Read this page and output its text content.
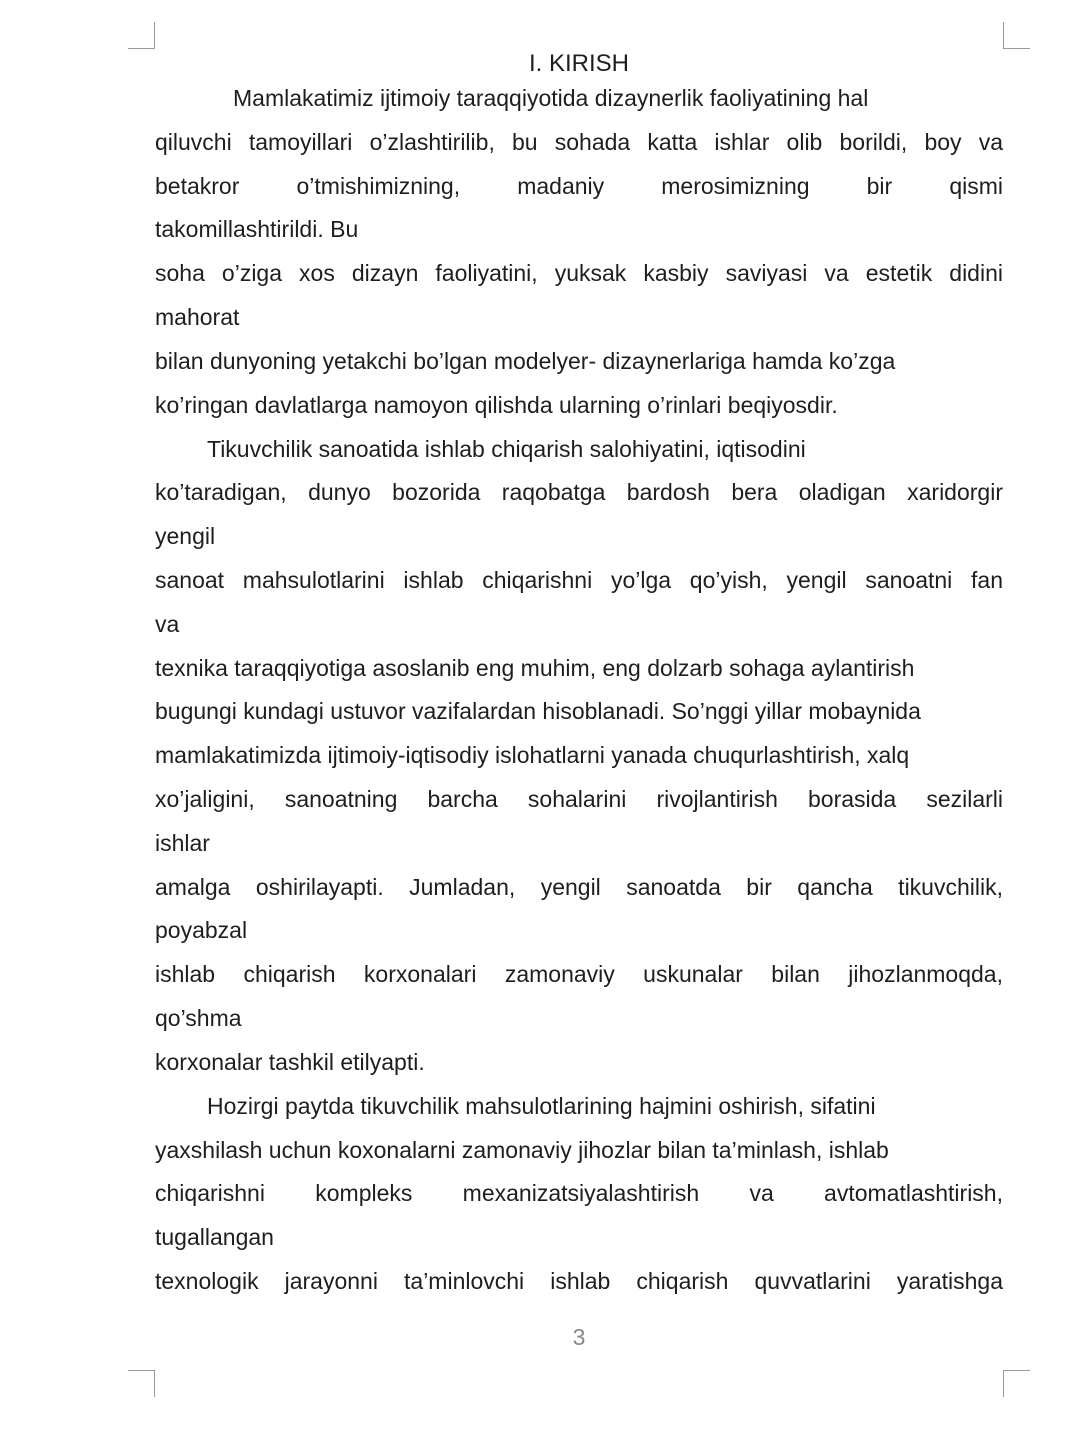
I. KIRISH
Mamlakatimiz ijtimoiy taraqqiyotida dizaynerlik faoliyatining hal
qiluvchi tamoyillari o’zlashtirilib, bu sohada katta ishlar olib borildi, boy va
betakror o’tmishimizning, madaniy merosimizning bir qismi
takomillashtirildi. Bu
soha o’ziga xos dizayn faoliyatini, yuksak kasbiy saviyasi va estetik didini
mahorat
bilan dunyoning yetakchi bo’lgan modelyer- dizaynerlariga hamda ko’zga
ko’ringan davlatlarga namoyon qilishda ularning o’rinlari beqiyosdir.
Tikuvchilik sanoatida ishlab chiqarish salohiyatini, iqtisodini
ko’taradigan, dunyo bozorida raqobatga bardosh bera oladigan xaridorgir
yengil
sanoat mahsulotlarini ishlab chiqarishni yo’lga qo’yish, yengil sanoatni fan
va
texnika taraqqiyotiga asoslanib eng muhim, eng dolzarb sohaga aylantirish
bugungi kundagi ustuvor vazifalardan hisoblanadi. So’nggi yillar mobaynida
mamlakatimizda ijtimoiy-iqtisodiy islohatlarni yanada chuqurlashtirish, xalq
xo’jaligini, sanoatning barcha sohalarini rivojlantirish borasida sezilarli
ishlar
amalga oshirilayapti. Jumladan, yengil sanoatda bir qancha tikuvchilik,
poyabzal
ishlab chiqarish korxonalari zamonaviy uskunalar bilan jihozlanmoqda,
qo’shma
korxonalar tashkil etilyapti.
Hozirgi paytda tikuvchilik mahsulotlarining hajmini oshirish, sifatini
yaxshilash uchun koxonalarni zamonaviy jihozlar bilan ta’minlash, ishlab
chiqarishni kompleks mexanizatsiyalashtirish va avtomatlashtirish,
tugallangan
texnologik jarayonni ta’minlovchi ishlab chiqarish quvvatlarini yaratishga
3
